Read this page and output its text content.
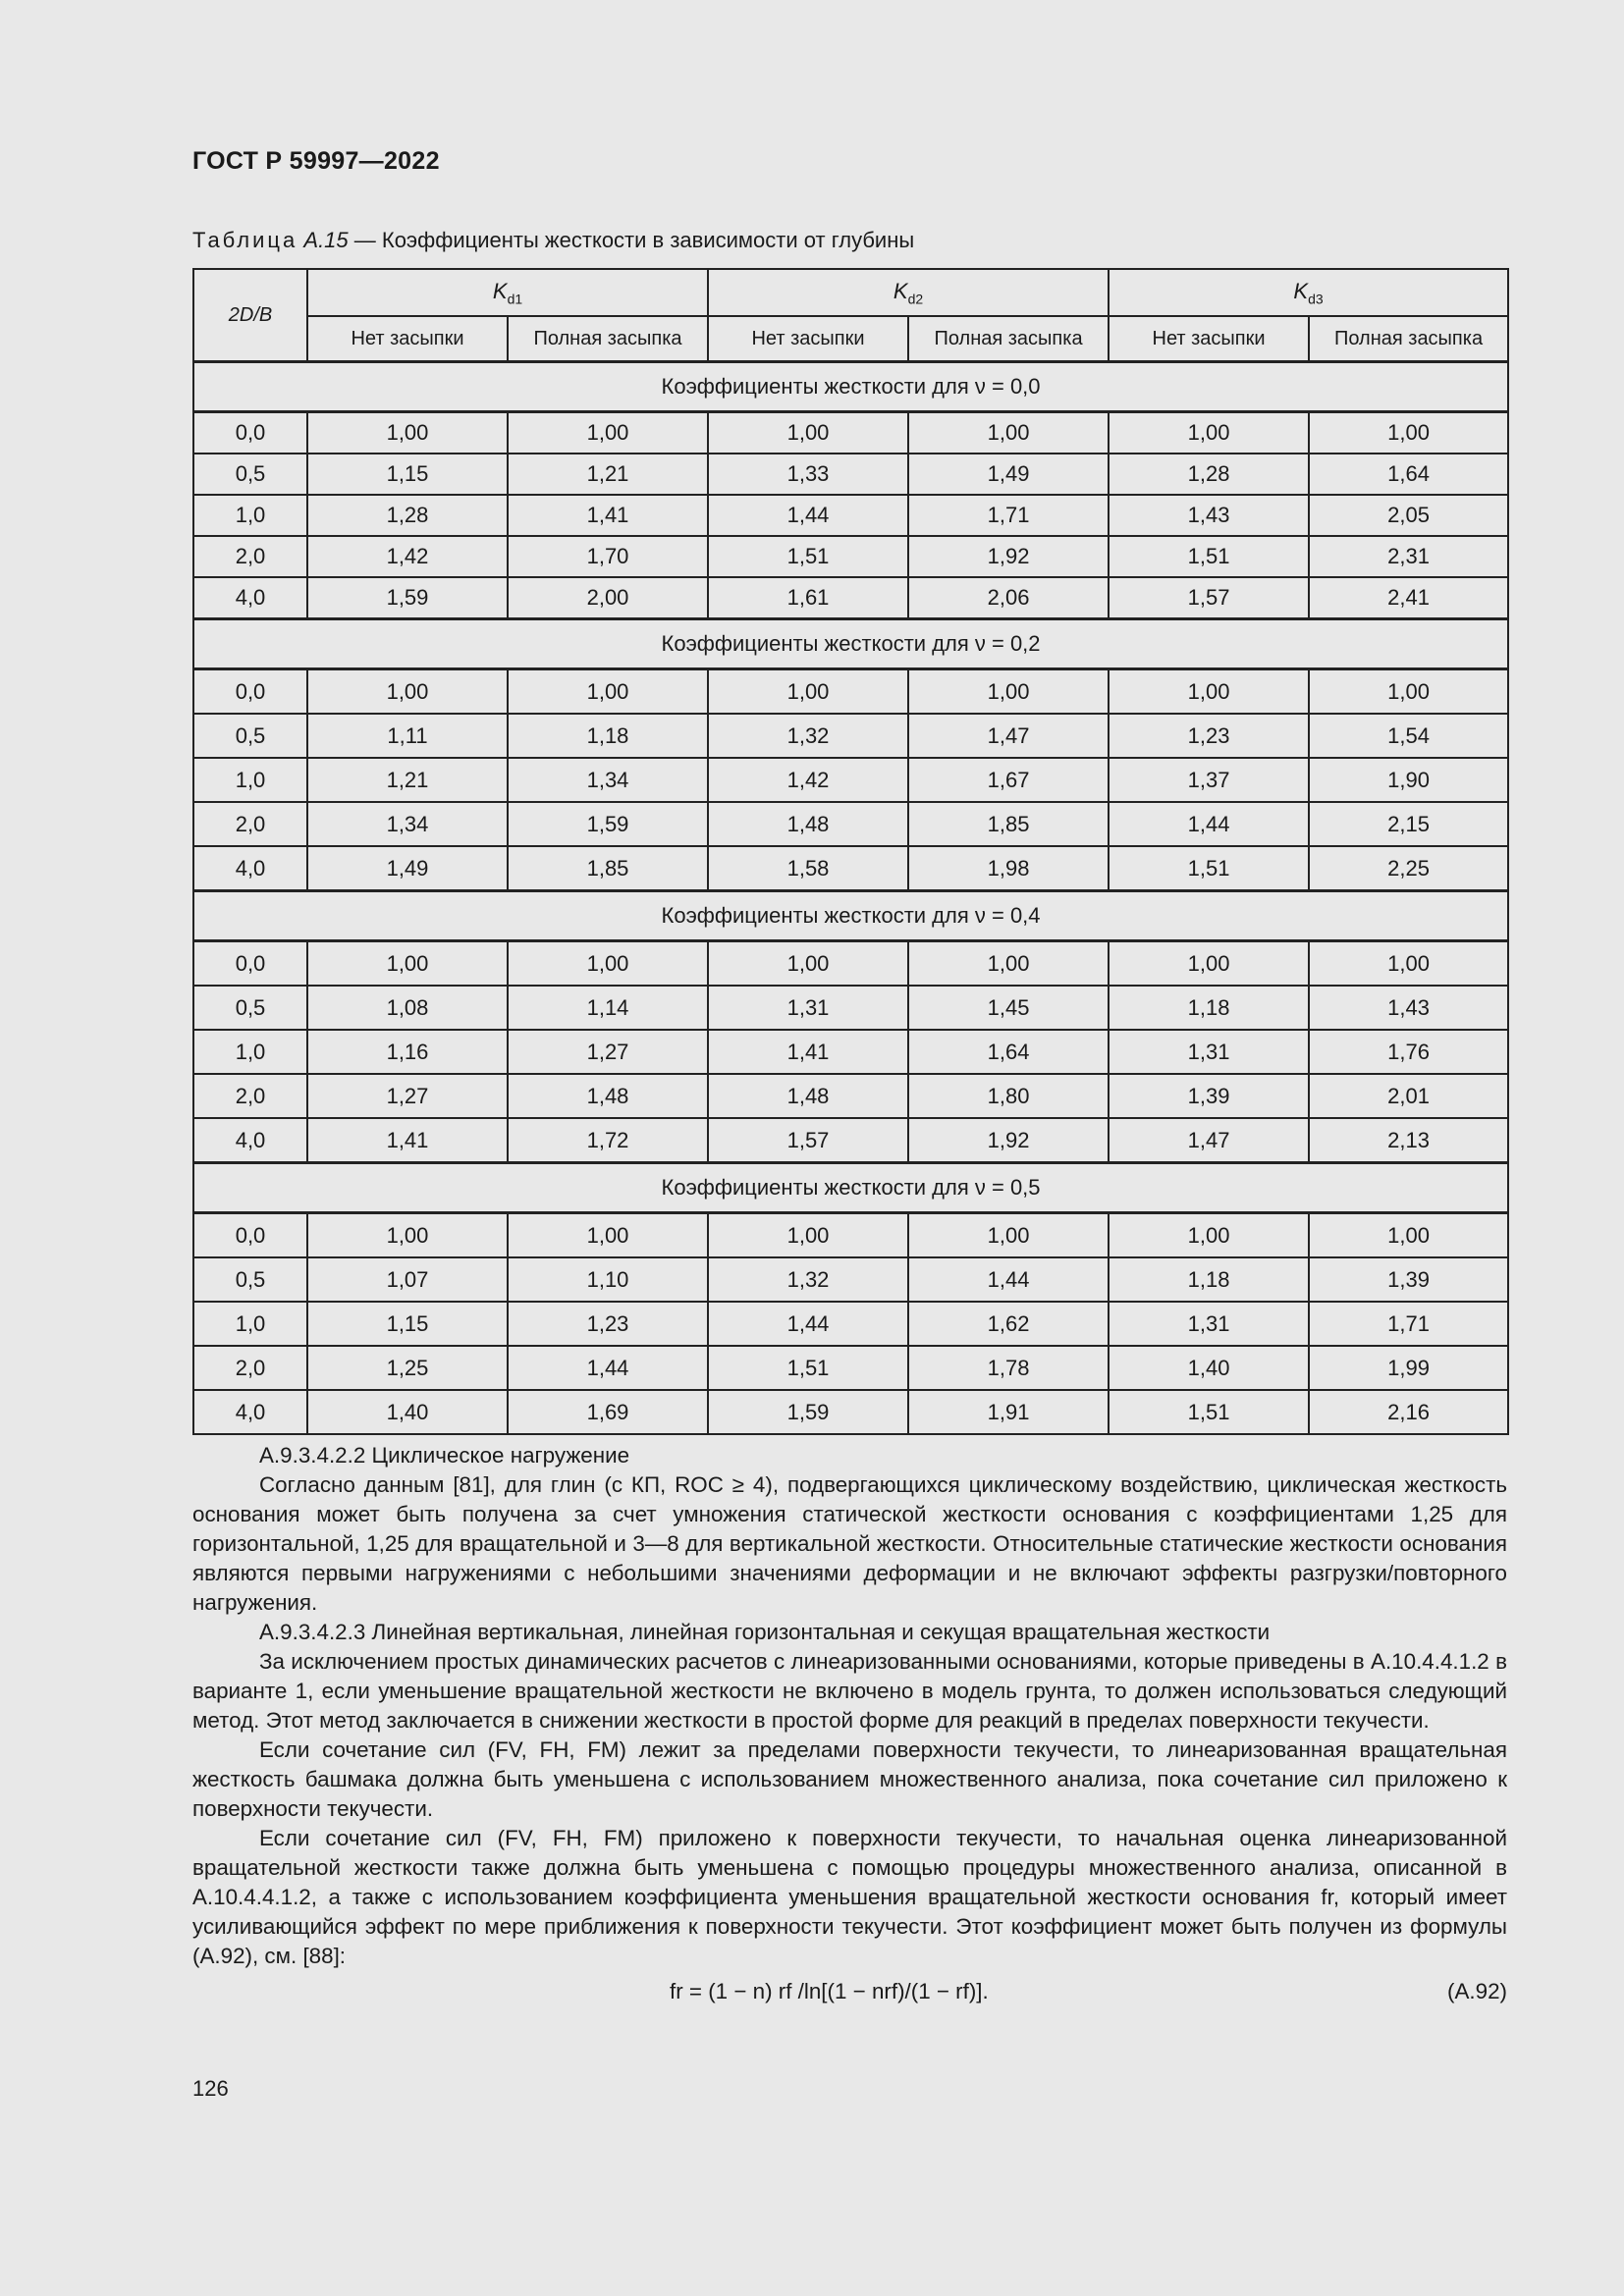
ГОСТ Р 59997—2022
Таблица А.15 — Коэффициенты жесткости в зависимости от глубины
2D/B	$K_{d1}$		$K_{d2}$		$K_{d3}$
	Нет засыпки	Полная засыпка	Нет засыпки	Полная засыпка	Нет засыпки	Полная засыпка
Коэффициенты жесткости для ν = 0,0						
0,0	1,00	1,00	1,00	1,00	1,00	1,00
0,5	1,15	1,21	1,33	1,49	1,28	1,64
1,0	1,28	1,41	1,44	1,71	1,43	2,05
2,0	1,42	1,70	1,51	1,92	1,51	2,31
4,0	1,59	2,00	1,61	2,06	1,57	2,41
Коэффициенты жесткости для ν = 0,2						
0,0	1,00	1,00	1,00	1,00	1,00	1,00
0,5	1,11	1,18	1,32	1,47	1,23	1,54
1,0	1,21	1,34	1,42	1,67	1,37	1,90
2,0	1,34	1,59	1,48	1,85	1,44	2,15
4,0	1,49	1,85	1,58	1,98	1,51	2,25
Коэффициенты жесткости для ν = 0,4						
0,0	1,00	1,00	1,00	1,00	1,00	1,00
0,5	1,08	1,14	1,31	1,45	1,18	1,43
1,0	1,16	1,27	1,41	1,64	1,31	1,76
2,0	1,27	1,48	1,48	1,80	1,39	2,01
4,0	1,41	1,72	1,57	1,92	1,47	2,13
Коэффициенты жесткости для ν = 0,5						
0,0	1,00	1,00	1,00	1,00	1,00	1,00
0,5	1,07	1,10	1,32	1,44	1,18	1,39
1,0	1,15	1,23	1,44	1,62	1,31	1,71
2,0	1,25	1,44	1,51	1,78	1,40	1,99
4,0	1,40	1,69	1,59	1,91	1,51	2,16

А.9.3.4.2.2 Циклическое нагружение

Согласно данным [81], для глин (с КП, ROC ≥ 4), подвергающихся циклическому воздействию, циклическая жесткость основания может быть получена за счет умножения статической жесткости основания с коэффициентами 1,25 для горизонтальной, 1,25 для вращательной и 3—8 для вертикальной жесткости. Относительные статические жесткости основания являются первыми нагружениями с небольшими значениями деформации и не включают эффекты разгрузки/повторного нагружения.

А.9.3.4.2.3 Линейная вертикальная, линейная горизонтальная и секущая вращательная жесткости

За исключением простых динамических расчетов с линеаризованными основаниями, которые приведены в А.10.4.4.1.2 в варианте 1, если уменьшение вращательной жесткости не включено в модель грунта, то должен использоваться следующий метод. Этот метод заключается в снижении жесткости в простой форме для реакций в пределах поверхности текучести.

Если сочетание сил (FV, FH, FM) лежит за пределами поверхности текучести, то линеаризованная вращательная жесткость башмака должна быть уменьшена с использованием множественного анализа, пока сочетание сил приложено к поверхности текучести.

Если сочетание сил (FV, FH, FM) приложено к поверхности текучести, то начальная оценка линеаризованной вращательной жесткости также должна быть уменьшена с помощью процедуры множественного анализа, описанной в А.10.4.4.1.2, а также с использованием коэффициента уменьшения вращательной жесткости основания fr, который имеет усиливающийся эффект по мере приближения к поверхности текучести. Этот коэффициент может быть получен из формулы (А.92), см. [88]:

fr = (1 − n) rf /ln[(1 − nrf)/(1 − rf)].	(А.92)
126
